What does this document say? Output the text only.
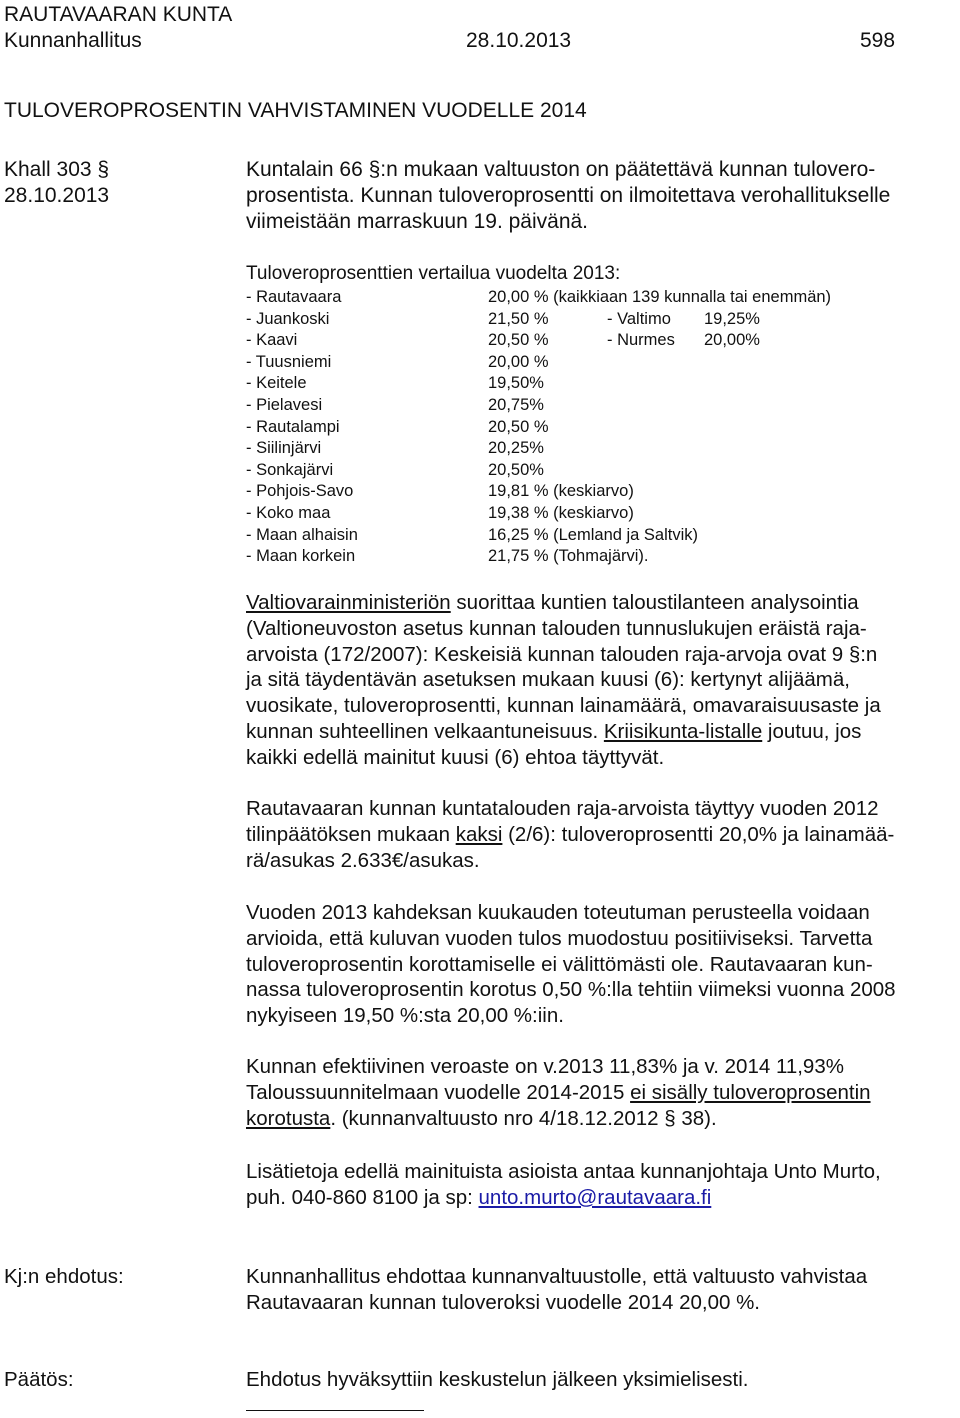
RAUTAVAARAN KUNTA
Kunnanhallitus	28.10.2013	598
TULOVEROPROSENTIN VAHVISTAMINEN VUODELLE 2014
Khall 303 §
28.10.2013
Kuntalain 66 §:n mukaan valtuuston on päätettävä kunnan tulovero-
prosentista. Kunnan tuloveroprosentti on ilmoitettava verohallitukselle
viimeistään marraskuun 19. päivänä.
Tuloveroprosenttien vertailua vuodelta 2013:
- Rautavaara	20,00 % (kaikkiaan 139 kunnalla tai enemmän)
- Juankoski	21,50 %	- Valtimo 19,25%
- Kaavi	20,50 %	- Nurmes 20,00%
- Tuusniemi	20,00 %
- Keitele	19,50%
- Pielavesi	20,75%
- Rautalampi	20,50 %
- Siilinjärvi	20,25%
- Sonkajärvi	20,50%
- Pohjois-Savo	19,81 % (keskiarvo)
- Koko maa	19,38 % (keskiarvo)
- Maan alhaisin	16,25 % (Lemland ja Saltvik)
- Maan korkein	21,75 % (Tohmajärvi).
Valtiovarainministeriön suorittaa kuntien taloustilanteen analysointia
(Valtioneuvoston asetus kunnan talouden tunnuslukujen eräistä raja-
arvoista (172/2007): Keskeisiä kunnan talouden raja-arvoja ovat 9 §:n
ja sitä täydentävän asetuksen mukaan kuusi (6): kertynyt alijäämä,
vuosikate, tuloveroprosentti, kunnan lainamäärä, omavaraisuusaste ja
kunnan suhteellinen velkaantuneisuus. Kriisikunta-listalle joutuu, jos
kaikki edellä mainitut kuusi (6) ehtoa täyttyvät.
Rautavaaran kunnan kuntatalouden raja-arvoista täyttyy vuoden 2012
tilinpäätöksen mukaan kaksi (2/6): tuloveroprosentti 20,0% ja lainamää-
rä/asukas 2.633€/asukas.
Vuoden 2013 kahdeksan kuukauden toteutuman perusteella voidaan
arvioida, että kuluvan vuoden tulos muodostuu positiiviseksi. Tarvetta
tuloveroprosentin korottamiselle ei välittömästi ole. Rautavaaran kun-
nassa tuloveroprosentin korotus 0,50 %:lla tehtiin viimeksi vuonna 2008
nykyiseen 19,50 %:sta 20,00 %:iin.
Kunnan efektiivinen veroaste on v.2013 11,83% ja v. 2014 11,93%
Taloussuunnitelmaan vuodelle 2014-2015 ei sisälly tuloveroprosentin
korotusta. (kunnanvaltuusto nro 4/18.12.2012 § 38).
Lisätietoja edellä mainituista asioista antaa kunnanjohtaja Unto Murto,
puh. 040-860 8100 ja sp: unto.murto@rautavaara.fi
Kj:n ehdotus:	Kunnanhallitus ehdottaa kunnanvaltuustolle, että valtuusto vahvistaa
Rautavaaran kunnan tuloveroksi vuodelle 2014 20,00 %.
Päätös:	Ehdotus hyväksyttiin keskustelun jälkeen yksimielisesti.
